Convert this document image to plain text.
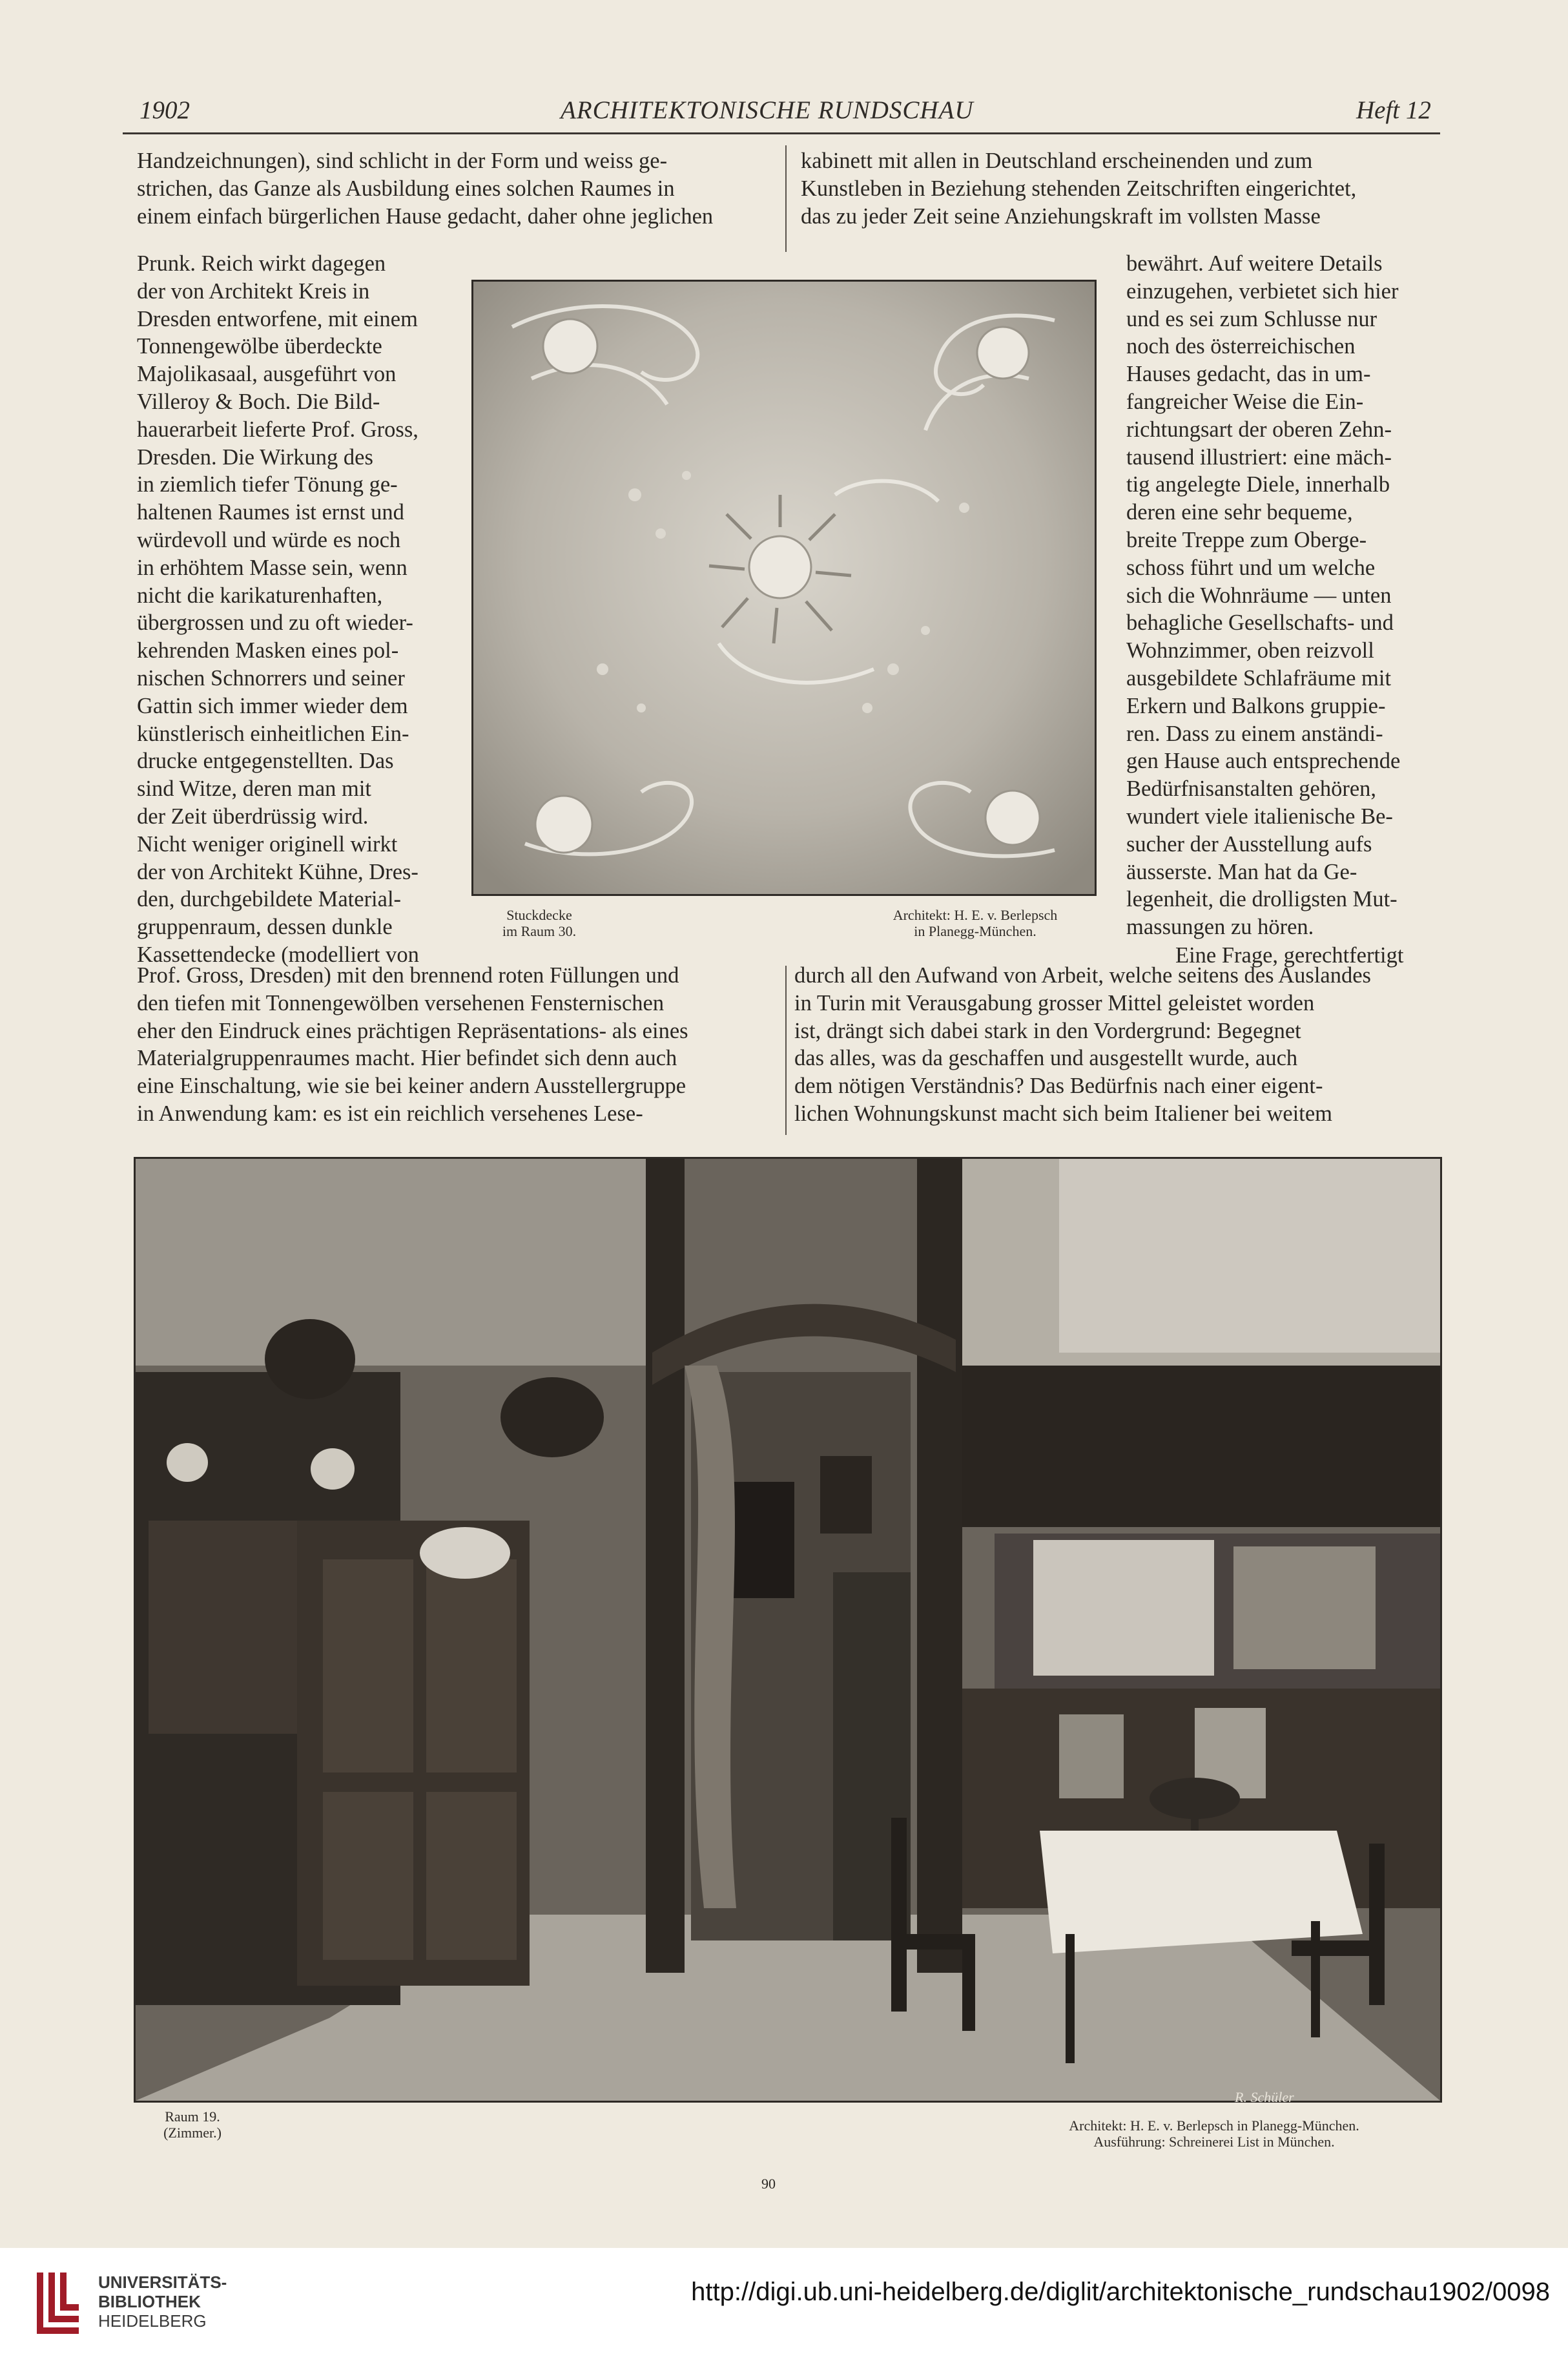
1902	ARCHITEKTONISCHE RUNDSCHAU	Heft 12
Handzeichnungen), sind schlicht in der Form und weiss ge-
strichen, das Ganze als Ausbildung eines solchen Raumes in
einem einfach bürgerlichen Hause gedacht, daher ohne jeglichen
kabinett mit allen in Deutschland erscheinenden und zum
Kunstleben in Beziehung stehenden Zeitschriften eingerichtet,
das zu jeder Zeit seine Anziehungskraft im vollsten Masse
Prunk. Reich wirkt dagegen
der von Architekt Kreis in
Dresden entworfene, mit einem
Tonnengewölbe überdeckte
Majolikasaal, ausgeführt von
Villeroy & Boch. Die Bild-
hauerarbeit lieferte Prof. Gross,
Dresden. Die Wirkung des
in ziemlich tiefer Tönung ge-
haltenen Raumes ist ernst und
würdevoll und würde es noch
in erhöhtem Masse sein, wenn
nicht die karikaturenhaften,
übergrossen und zu oft wieder-
kehrenden Masken eines pol-
nischen Schnorrers und seiner
Gattin sich immer wieder dem
künstlerisch einheitlichen Ein-
drucke entgegenstellten. Das
sind Witze, deren man mit
der Zeit überdrüssig wird.
Nicht weniger originell wirkt
der von Architekt Kühne, Dres-
den, durchgebildete Material-
gruppenraum, dessen dunkle
Kassettendecke (modelliert von
Stuckdecke
im Raum 30.
Architekt: H. E. v. Berlepsch
in Planegg-München.
bewährt. Auf weitere Details
einzugehen, verbietet sich hier
und es sei zum Schlusse nur
noch des österreichischen
Hauses gedacht, das in um-
fangreicher Weise die Ein-
richtungsart der oberen Zehn-
tausend illustriert: eine mäch-
tig angelegte Diele, innerhalb
deren eine sehr bequeme,
breite Treppe zum Oberge-
schoss führt und um welche
sich die Wohnräume — unten
behagliche Gesellschafts- und
Wohnzimmer, oben reizvoll
ausgebildete Schlafräume mit
Erkern und Balkons gruppie-
ren. Dass zu einem anständi-
gen Hause auch entsprechende
Bedürfnisanstalten gehören,
wundert viele italienische Be-
sucher der Ausstellung aufs
äusserste. Man hat da Ge-
legenheit, die drolligsten Mut-
massungen zu hören.
Eine Frage, gerechtfertigt
Prof. Gross, Dresden) mit den brennend roten Füllungen und
den tiefen mit Tonnengewölben versehenen Fensternischen
eher den Eindruck eines prächtigen Repräsentations- als eines
Materialgruppenraumes macht. Hier befindet sich denn auch
eine Einschaltung, wie sie bei keiner andern Ausstellergruppe
in Anwendung kam: es ist ein reichlich versehenes Lese-
durch all den Aufwand von Arbeit, welche seitens des Auslandes
in Turin mit Verausgabung grosser Mittel geleistet worden
ist, drängt sich dabei stark in den Vordergrund: Begegnet
das alles, was da geschaffen und ausgestellt wurde, auch
dem nötigen Verständnis? Das Bedürfnis nach einer eigent-
lichen Wohnungskunst macht sich beim Italiener bei weitem
R. Schüler
Raum 19.
(Zimmer.)	Architekt: H. E. v. Berlepsch in Planegg-München.
Ausführung: Schreinerei List in München.
90
UNIVERSITÄTS-
BIBLIOTHEK
HEIDELBERG
http://digi.ub.uni-heidelberg.de/diglit/architektonische_rundschau1902/0098
